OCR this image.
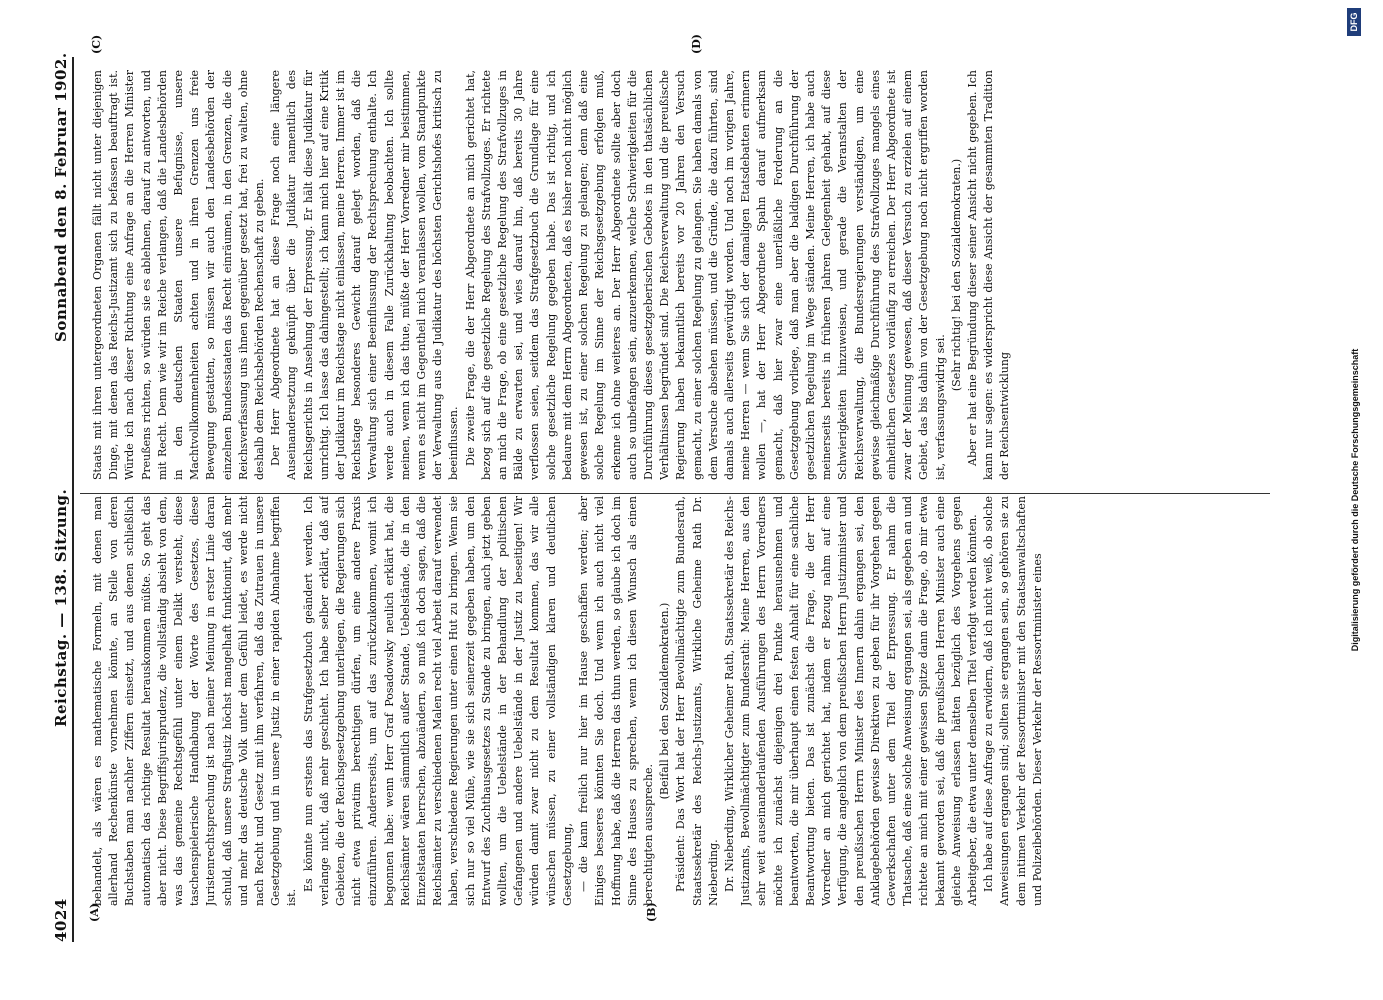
4024
Reichstag. — 138. Sitzung.
Sonnabend den 8. Februar 1902.
(A)	(B)
(C)	(D)

behandelt, als wären es mathematische Formeln, mit denen man allerhand Rechenkünste vornehmen könnte, an Stelle von deren Buchstaben man nachher Ziffern einsetzt, und aus denen schließlich automatisch das richtige Resultat herauskommen müßte. So geht das aber nicht. Diese Begriffsjurisprudenz, die vollständig absieht von dem, was das gemeine Rechtsgefühl unter einem Delikt versteht, diese taschenspielerische Handhabung der Worte des Gesetzes, diese Juristenrechtsprechung ist nach meiner Meinung in erster Linie daran schuld, daß unsere Strafjustiz höchst mangelhaft funktionirt, daß mehr und mehr das deutsche Volk unter dem Gefühl leidet, es werde nicht nach Recht und Gesetz mit ihm verfahren, daß das Zutrauen in unsere Gesetzgebung und in unsere Justiz in einer rapiden Abnahme begriffen ist.

Es könnte nun erstens das Strafgesetzbuch geändert werden. Ich verlange nicht, daß mehr geschieht. Ich habe selber erklärt, daß auf Gebieten, die der Reichsgesetzgebung unterliegen, die Regierungen sich nicht etwa privatim berechtigen dürfen, um eine andere Praxis einzuführen. Andererseits, um auf das zurückzukommen, womit ich begonnen habe: wenn Herr Graf Posadowsky neulich erklärt hat, die Reichsämter wären sämmtlich außer Stande, Uebelstände, die in den Einzelstaaten herrschen, abzuändern, so muß ich doch sagen, daß die Reichsämter zu verschiedenen Malen recht viel Arbeit darauf verwendet haben, verschiedene Regierungen unter einen Hut zu bringen. Wenn sie sich nur so viel Mühe, wie sie sich seinerzeit gegeben haben, um den Entwurf des Zuchthausgesetzes zu Stande zu bringen, auch jetzt geben wollten, um die Uebelstände in der Behandlung der politischen Gefangenen und andere Uebelstände in der Justiz zu beseitigen! Wir würden damit zwar nicht zu dem Resultat kommen, das wir alle wünschen müssen, zu einer vollständigen klaren und deutlichen Gesetzgebung, — die kann freilich nur hier im Hause geschaffen werden; aber Einiges besseres könnten Sie doch. Und wenn ich auch nicht viel Hoffnung habe, daß die Herren das thun werden, so glaube ich doch im Sinne des Hauses zu sprechen, wenn ich diesen Wunsch als einen berechtigten ausspreche.

(Beifall bei den Sozialdemokraten.) Präsident: Das Wort hat der Herr Bevollmächtigte zum Bundesrath, Staatssekretär des Reichs-Justizamts, Wirkliche Geheime Rath Dr. Nieberding. Dr. Nieberding, Wirklicher Geheimer Rath, Staatssekretär des Reichs-Justizamts, Bevollmächtigter zum Bundesrath: Meine Herren, aus den sehr weit auseinanderlaufenden Ausführungen des Herrn Vorredners möchte ich zunächst diejenigen drei Punkte herausnehmen und beantworten, die mir überhaupt einen festen Anhalt für eine sachliche Beantwortung bieten. Das ist zunächst die Frage, die der Herr Vorredner an mich gerichtet hat, indem er Bezug nahm auf eine Verfügung, die angeblich von dem preußischen Herrn Justizminister und den preußischen Herrn Minister des Innern dahin ergangen sei, den Anklagebehörden gewisse Direktiven zu geben für ihr Vorgehen gegen Gewerkschaften unter dem Titel der Erpressung. Er nahm die Thatsache, daß eine solche Anweisung ergangen sei, als gegeben an und richtete an mich mit einer gewissen Spitze dann die Frage, ob mir etwa bekannt geworden sei, daß die preußischen Herren Minister auch eine gleiche Anweisung erlassen hätten bezüglich des Vorgehens gegen Arbeitgeber, die etwa unter demselben Titel verfolgt werden könnten. Ich habe auf diese Anfrage zu erwidern, daß ich nicht weiß, ob solche Anweisungen ergangen sind; sollten sie ergangen sein, so gehören sie zu dem intimen Verkehr der Ressortminister mit den Staatsanwaltschaften und Polizeibehörden. Dieser Verkehr der Ressortminister eines

Staats mit ihren untergeordneten Organen fällt nicht unter diejenigen Dinge, mit denen das Reichs-Justizamt sich zu befassen beauftragt ist. Würde ich nach dieser Richtung eine Anfrage an die Herren Minister Preußens richten, so würden sie es ablehnen, darauf zu antworten, und mit Recht. Denn wie wir im Reiche verlangen, daß die Landesbehörden in den deutschen Staaten unsere Befugnisse, unsere Machtvollkommenheiten achten und in ihren Grenzen uns freie Bewegung gestatten, so müssen wir auch den Landesbehörden der einzelnen Bundesstaaten das Recht einräumen, in den Grenzen, die die Reichsverfassung uns ihnen gegenüber gesetzt hat, frei zu walten, ohne deshalb dem Reichsbehörden Rechenschaft zu geben. Der Herr Abgeordnete hat an diese Frage noch eine längere Auseinandersetzung geknüpft über die Judikatur namentlich des Reichsgerichts in Ansehung der Erpressung. Er hält diese Judikatur für unrichtig. Ich lasse das dahingestellt; ich kann mich hier auf eine Kritik der Judikatur im Reichstage nicht einlassen, meine Herren. Immer ist im Reichstage besonderes Gewicht darauf gelegt worden, daß die Verwaltung sich einer Beeinflussung der Rechtsprechung enthalte. Ich werde auch in diesem Falle Zurückhaltung beobachten. Ich sollte meinen, wenn ich das thue, müßte der Herr Vorredner mir beistimmen, wenn es nicht im Gegentheil mich veranlassen wollen, vom Standpunkte der Verwaltung aus die Judikatur des höchsten Gerichtshofes kritisch zu beeinflussen. Die zweite Frage, die der Herr Abgeordnete an mich gerichtet hat, bezog sich auf die gesetzliche Regelung des Strafvollzuges. Er richtete an mich die Frage, ob eine gesetzliche Regelung des Strafvollzuges in Bälde zu erwarten sei, und wies darauf hin, daß bereits 30 Jahre verflossen seien, seitdem das Strafgesetzbuch die Grundlage für eine solche gesetzliche Regelung gegeben habe. Das ist richtig, und ich bedaure mit dem Herrn Abgeordneten, daß es bisher noch nicht möglich gewesen ist, zu einer solchen Regelung zu gelangen; denn daß eine solche Regelung im Sinne der Reichsgesetzgebung erfolgen muß, erkenne ich ohne weiteres an. Der Herr Abgeordnete sollte aber doch auch so unbefangen sein, anzuerkennen, welche Schwierigkeiten für die Durchführung dieses gesetzgeberischen Gebotes in den thatsächlichen Verhältnissen begründet sind. Die Reichsverwaltung und die preußische Regierung haben bekanntlich bereits vor 20 Jahren den Versuch gemacht, zu einer solchen Regelung zu gelangen. Sie haben damals von dem Versuche absehen müssen, und die Gründe, die dazu führten, sind damals auch allerseits gewürdigt worden. Und noch im vorigen Jahre, meine Herren — wenn Sie sich der damaligen Etatsdebatten erinnern wollen —, hat der Herr Abgeordnete Spahn darauf aufmerksam gemacht, daß hier zwar eine unerläßliche Forderung an die Gesetzgebung vorliege, daß man aber die baldigen Durchführung der gesetzlichen Regelung im Wege ständen. Meine Herren, ich habe auch meinerseits bereits in früheren Jahren Gelegenheit gehabt, auf diese Schwierigkeiten hinzuweisen, und gerade die Veranstalten der Reichsverwaltung, die Bundesregierungen verständigen, um eine gewisse gleichmäßige Durchführung des Strafvollzuges mangels eines einheitlichen Gesetzes vorläufig zu erreichen. Der Herr Abgeordnete ist zwar der Meinung gewesen, daß dieser Versuch zu erzielen auf einem Gebiet, das bis dahin von der Gesetzgebung noch nicht ergriffen worden ist, verfassungswidrig sei.

(Sehr richtig! bei den Sozialdemokraten.) Aber er hat eine Begründung dieser seiner Ansicht nicht gegeben. Ich kann nur sagen: es widerspricht diese Ansicht der gesammten Tradition der Reichsentwicklung	Digitalisierung gefördert durch die Deutsche Forschungsgemeinschaft
DFG
